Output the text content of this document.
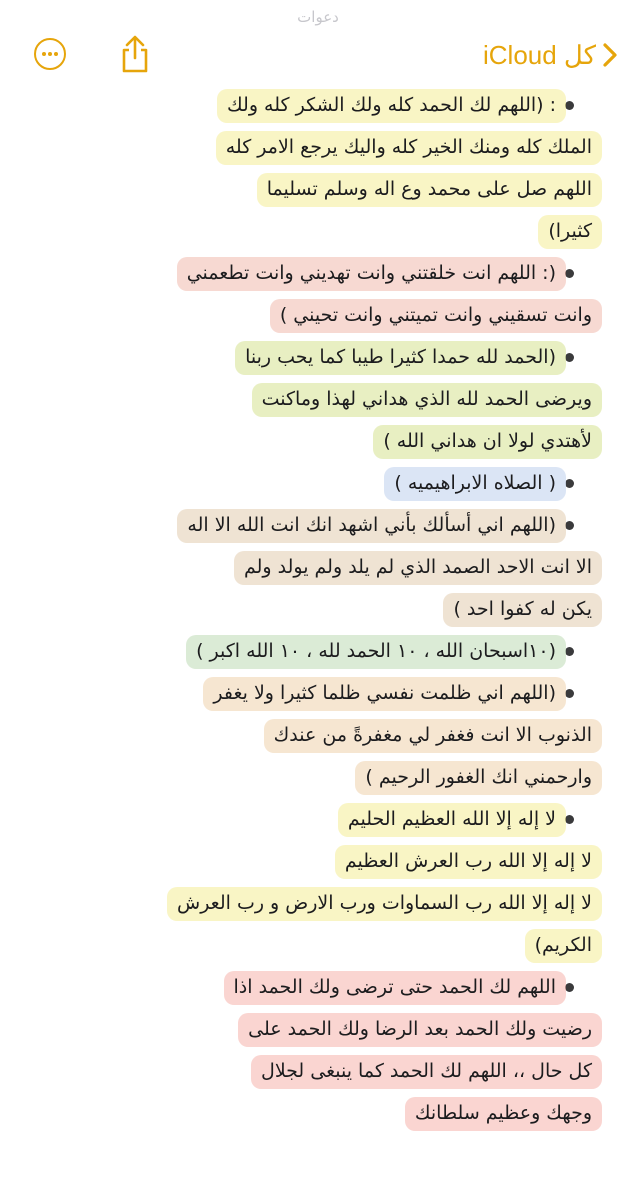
دعوات
كل iCloud
: (اللهم لك الحمد كله ولك الشكر كله ولك
الملك كله ومنك الخير كله واليك يرجع الامر كله
اللهم صل على محمد وع اله وسلم تسليما
كثيرا)
(: اللهم انت خلقتني وانت تهديني وانت تطعمني
وانت تسقيني وانت تميتني وانت تحيني )
(الحمد لله حمدا كثيرا طيبا كما يحب ربنا
ويرضى الحمد لله الذي هداني لهذا وماكنت
لأهتدي لولا ان هداني الله )
( الصلاه الابراهيميه )
(اللهم اني أسألك بأني اشهد انك انت الله الا اله
الا انت الاحد الصمد الذي لم يلد ولم يولد ولم
يكن له كفوا احد )
(١٠اسبحان الله ، ١٠ الحمد لله ، ١٠ الله اكبر )
(اللهم اني ظلمت نفسي ظلما كثيرا ولا يغفر
الذنوب الا انت فغفر لي مغفرةً من عندك
وارحمني انك الغفور الرحيم )
لا إله إلا الله العظيم الحليم
لا إله إلا الله رب العرش العظيم
لا إله إلا الله رب السماوات ورب الارض و رب العرش
الكريم)
اللهم لك الحمد حتى ترضى ولك الحمد اذا
رضيت ولك الحمد بعد الرضا ولك الحمد على
كل حال ،، اللهم لك الحمد كما ينبغى لجلال
وجهك وعظيم سلطانك
